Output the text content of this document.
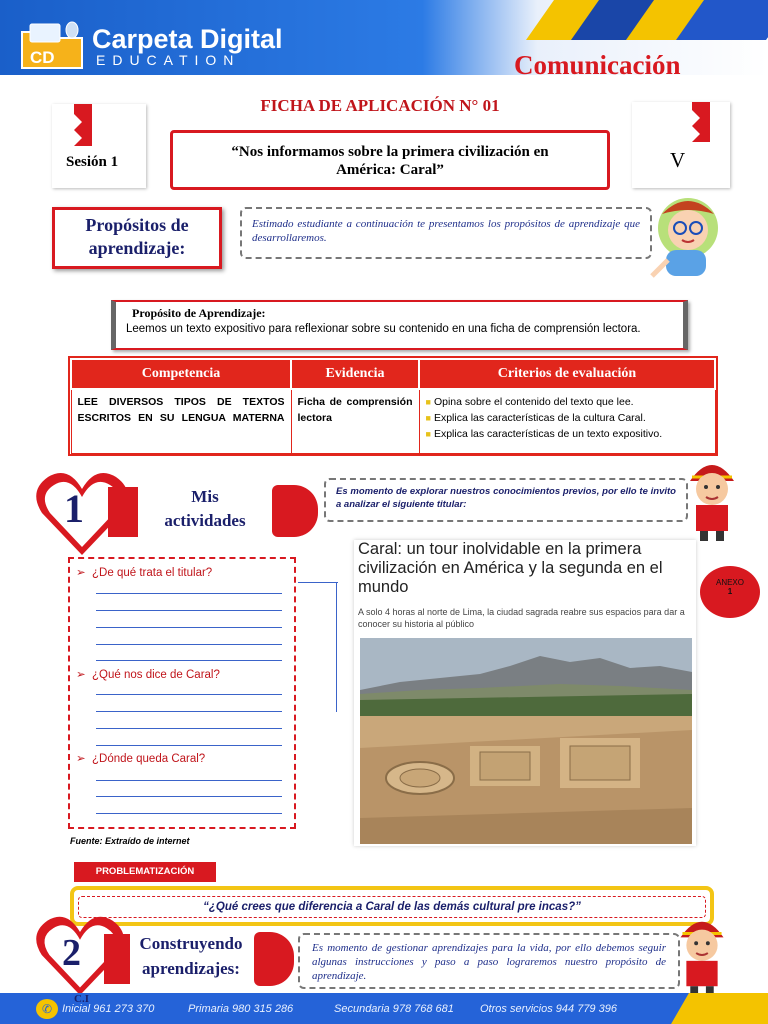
CD
Carpeta Digital
EDUCATION	Comunicación
FICHA DE APLICACIÓN N° 01
Sesión 1
“Nos informamos sobre la primera civilización en América: Caral”	V
Propósitos de aprendizaje:
Estimado estudiante a continuación te presentamos los propósitos de aprendizaje que desarrollaremos.
Propósito de Aprendizaje:
Leemos un texto expositivo para reflexionar sobre su contenido en una ficha de comprensión lectora.
Competencia	Evidencia	Criterios de evaluación
LEE DIVERSOS TIPOS DE TEXTOS ESCRITOS EN SU LENGUA MATERNA	Ficha de comprensión lectora	■ Opina sobre el contenido del texto que lee.
■ Explica las características de la cultura Caral.
■ Explica las características de un texto expositivo.
1	Mis actividades
Es momento de explorar nuestros conocimientos previos, por ello te invito a analizar el siguiente titular:
➢ ¿De qué trata el titular?
➢ ¿Qué nos dice de Caral?
➢ ¿Dónde queda Caral?
Caral: un tour inolvidable en la primera civilización en América y la segunda en el mundo
A solo 4 horas al norte de Lima, la ciudad sagrada reabre sus espacios para dar a conocer su historia al público
ANEXO
1
Fuente: Extraído de internet
PROBLEMATIZACIÓN
“¿Qué crees que diferencia a Caral de las demás cultural pre incas?”
2	Construyendo aprendizajes:
Es momento de gestionar aprendizajes para la vida, por ello debemos seguir algunas instrucciones y paso a paso lograremos nuestro propósito de aprendizaje.
✆
C.I
Inicial 961 273 370	Primaria 980 315 286	Secundaria 978 768 681 Otros servicios 944 779 396
